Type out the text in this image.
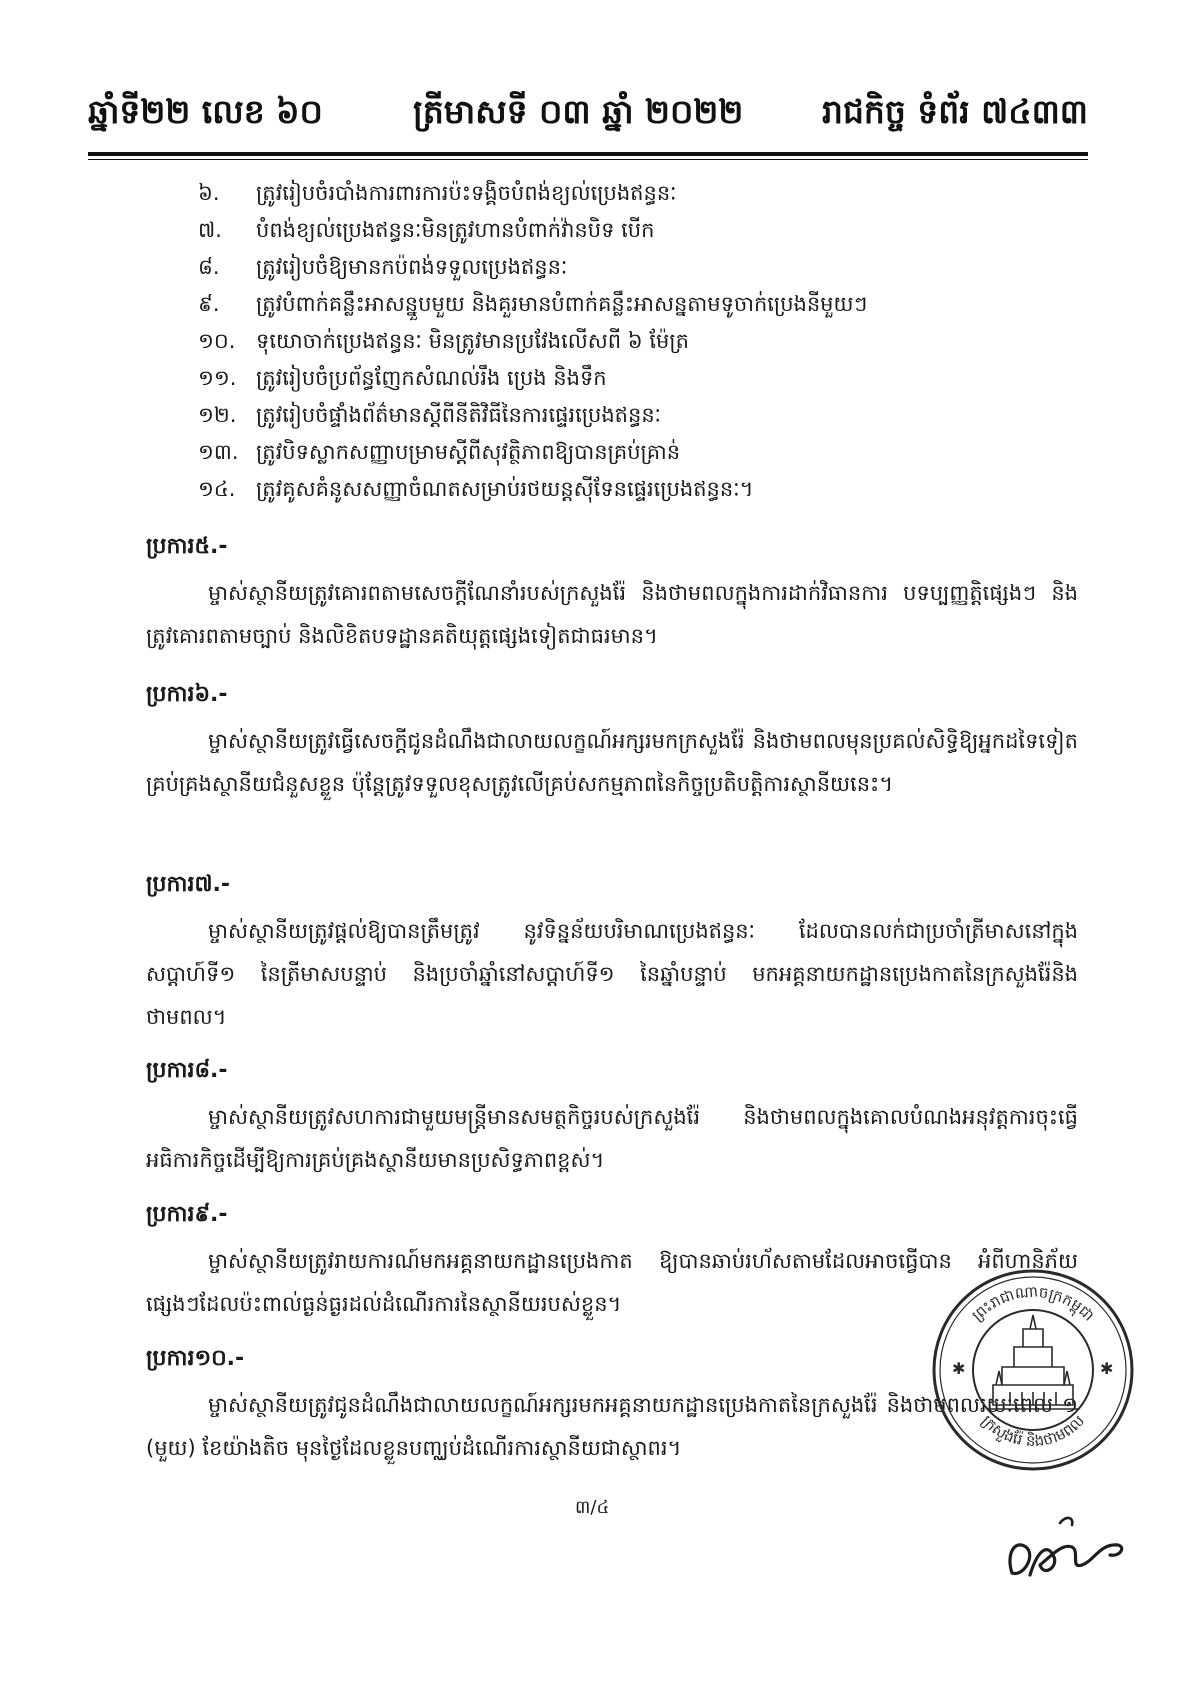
ឆ្នាំទី២២ លេខ ៦០	ត្រីមាសទី ០៣ ឆ្នាំ ២០២២ រាជកិច្ច ទំព័រ ៧៤៣៣
៦.	ត្រូវរៀបចំរបាំងការពារការប៉ះទង្គិចបំពង់ខ្យល់ប្រេងឥន្ធនៈ
៧.	បំពង់ខ្យល់ប្រេងឥន្ធនៈមិនត្រូវហានបំពាក់វ៉ានបិទ បើក
៨.	ត្រូវរៀបចំឱ្យមានកប៉ពង់ទទួលប្រេងឥន្ធនៈ
៩.	ត្រូវបំពាក់គន្លឹះអាសន្នួបមួយ និងគួរមានបំពាក់គន្លឹះអាសន្នតាមទូចាក់ប្រេងនីមួយៗ
១០. ទុយោចាក់ប្រេងឥន្ធនៈ មិនត្រូវមានប្រវែងលើសពី ៦ ម៉ែត្រ
១១. ត្រូវរៀបចំប្រព័ន្ធញែកសំណល់រឹង ប្រេង និងទឹក
១២. ត្រូវរៀបចំផ្ទាំងព័ត៌មានស្ដីពីនីតិវិធីនៃការផ្ទេរប្រេងឥន្ធនៈ
១៣. ត្រូវបិទស្លាកសញ្ញាបម្រាមស្ដីពីសុវត្ថិភាពឱ្យបានគ្រប់គ្រាន់
១៤. ត្រូវគូសគំនូសសញ្ញាចំណតសម្រាប់រថយន្តស៊ីទែនផ្ទេរប្រេងឥន្ធនៈ។
ប្រការ៥.-
ម្ចាស់ស្ថានីយត្រូវគោរពតាមសេចក្ដីណែនាំរបស់ក្រសួងរ៉ែ និងថាមពលក្នុងការដាក់វិធានការ បទប្បញ្ញត្តិផ្សេងៗ និងត្រូវគោរពតាមច្បាប់ និងលិខិតបទដ្ឋានគតិយុត្តផ្សេងទៀតជាធរមាន។
ប្រការ៦.-
ម្ចាស់ស្ថានីយត្រូវធ្វើសេចក្ដីជូនដំណឹងជាលាយលក្ខណ៍អក្សរមកក្រសួងរ៉ែ និងថាមពលមុនប្រគល់សិទ្ធិឱ្យអ្នកដទៃទៀតគ្រប់គ្រងស្ថានីយជំនួសខ្លួន ប៉ុន្តែត្រូវទទួលខុសត្រូវលើគ្រប់សកម្មភាពនៃកិច្ចប្រតិបត្តិការស្ថានីយនេះ។
ប្រការ៧.-
ម្ចាស់ស្ថានីយត្រូវផ្ដល់ឱ្យបានត្រឹមត្រូវ នូវទិន្នន័យបរិមាណប្រេងឥន្ធនៈ ដែលបានលក់ជាប្រចាំត្រីមាសនៅក្នុងសប្ដាហ៍ទី១ នៃត្រីមាសបន្ទាប់ និងប្រចាំឆ្នាំនៅសប្ដាហ៍ទី១ នៃឆ្នាំបន្ទាប់ មកអគ្គនាយកដ្ឋានប្រេងកាតនៃក្រសួងរ៉ែនិងថាមពល។
ប្រការ៨.-
ម្ចាស់ស្ថានីយត្រូវសហការជាមួយមន្ត្រីមានសមត្ថកិច្ចរបស់ក្រសួងរ៉ែ និងថាមពលក្នុងគោលបំណងអនុវត្តការចុះធ្វើអធិការកិច្ចដើម្បីឱ្យការគ្រប់គ្រងស្ថានីយមានប្រសិទ្ធភាពខ្ពស់។
ប្រការ៩.-
ម្ចាស់ស្ថានីយត្រូវរាយការណ៍មកអគ្គនាយកដ្ឋានប្រេងកាត ឱ្យបានឆាប់រហ័សតាមដែលអាចធ្វើបាន អំពីហានិភ័យផ្សេងៗដែលប៉ះពាល់ធ្ងន់ធ្ងរដល់ដំណើរការនៃស្ថានីយរបស់ខ្លួន។
ប្រការ១០.-
ម្ចាស់ស្ថានីយត្រូវជូនដំណឹងជាលាយលក្ខណ៍អក្សរមកអគ្គនាយកដ្ឋានប្រេងកាតនៃក្រសួងរ៉ែ និងថាមពលរយៈពេល ១ (មួយ) ខែយ៉ាងតិច មុនថ្ងៃដែលខ្លួនបញ្ឈប់ដំណើរការស្ថានីយជាស្ថាពរ។
៣/៤
✱	✱
ព្រះរាជាណាចក្រកម្ពុជា
ក្រសួងរ៉ែ និងថាមពល
